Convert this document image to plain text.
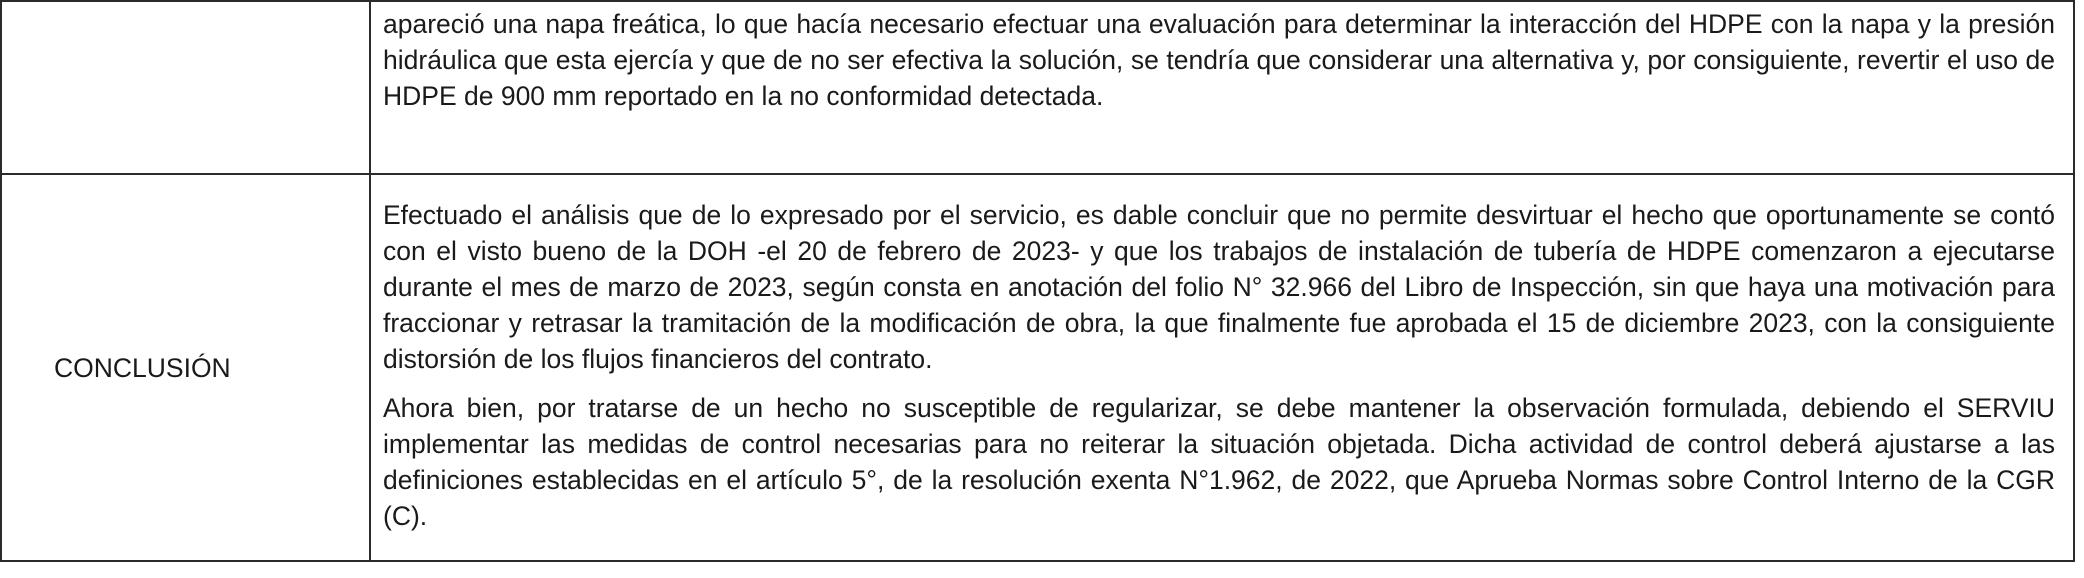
	apareció una napa freática, lo que hacía necesario efectuar una evaluación para determinar la interacción del HDPE con la napa y la presión hidráulica que esta ejercía y que de no ser efectiva la solución, se tendría que considerar una alternativa y, por consiguiente, revertir el uso de HDPE de 900 mm reportado en la no conformidad detectada.

CONCLUSIÓN	Efectuado el análisis que de lo expresado por el servicio, es dable concluir que no permite desvirtuar el hecho que oportunamente se contó con el visto bueno de la DOH -el 20 de febrero de 2023- y que los trabajos de instalación de tubería de HDPE comenzaron a ejecutarse durante el mes de marzo de 2023, según consta en anotación del folio N° 32.966 del Libro de Inspección, sin que haya una motivación para fraccionar y retrasar la tramitación de la modificación de obra, la que finalmente fue aprobada el 15 de diciembre 2023, con la consiguiente distorsión de los flujos financieros del contrato.

Ahora bien, por tratarse de un hecho no susceptible de regularizar, se debe mantener la observación formulada, debiendo el SERVIU implementar las medidas de control necesarias para no reiterar la situación objetada. Dicha actividad de control deberá ajustarse a las definiciones establecidas en el artículo 5°, de la resolución exenta N°1.962, de 2022, que Aprueba Normas sobre Control Interno de la CGR (C).
